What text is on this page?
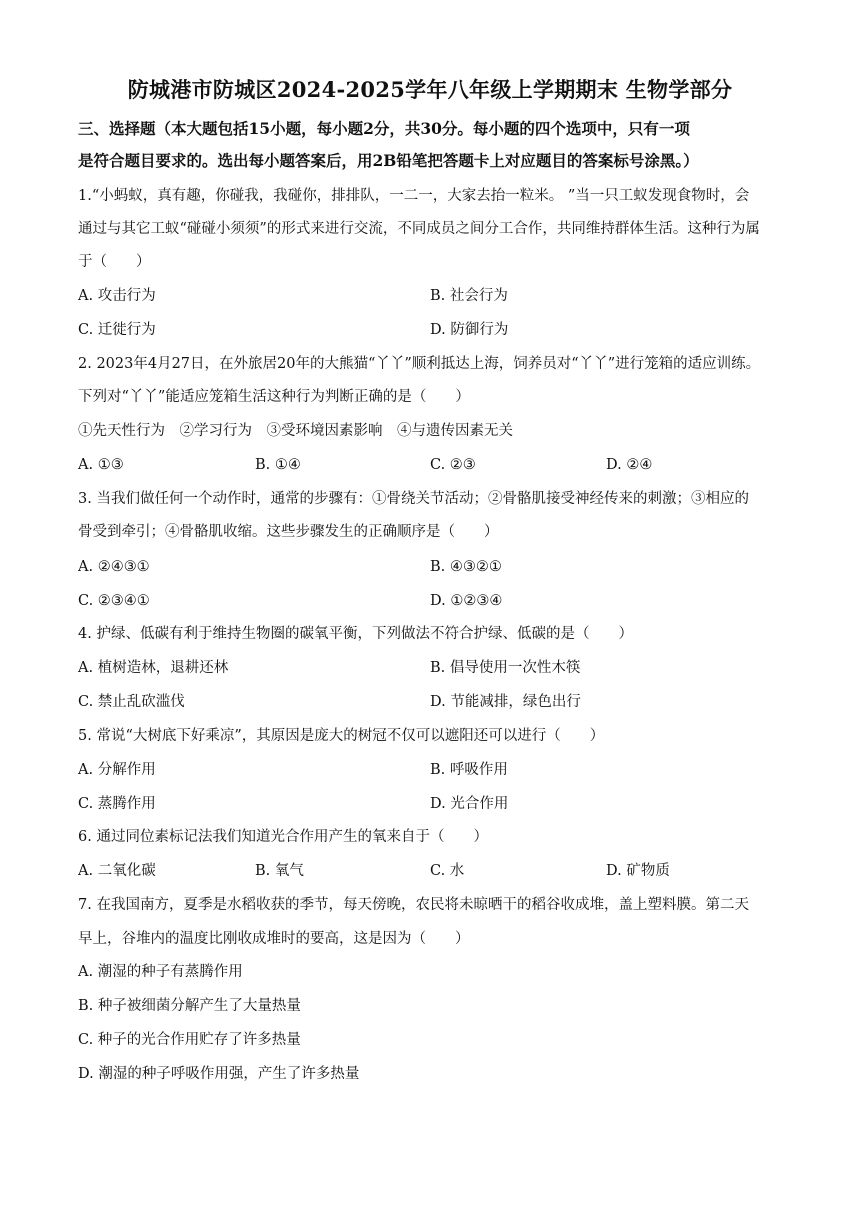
防城港市防城区2024-2025学年八年级上学期期末 生物学部分
三、选择题（本大题包括15小题，每小题2分，共30分。每小题的四个选项中，只有一项
是符合题目要求的。选出每小题答案后，用2B铅笔把答题卡上对应题目的答案标号涂黑。）
1.“小蚂蚁，真有趣，你碰我，我碰你，排排队，一二一，大家去抬一粒米。 ”当一只工蚁发现食物时，会
通过与其它工蚁“碰碰小须须”的形式来进行交流，不同成员之间分工合作，共同维持群体生活。这种行为属
于（　　）
A. 攻击行为	B. 社会行为
C. 迁徙行为	D. 防御行为
2. 2023年4月27日，在外旅居20年的大熊猫“丫丫”顺利抵达上海，饲养员对“丫丫”进行笼箱的适应训练。
下列对“丫丫”能适应笼箱生活这种行为判断正确的是（　　）
①先天性行为　②学习行为　③受环境因素影响　④与遗传因素无关
A. ①③	B. ①④	C. ②③	D. ②④
3. 当我们做任何一个动作时，通常的步骤有：①骨绕关节活动；②骨骼肌接受神经传来的刺激；③相应的
骨受到牵引；④骨骼肌收缩。这些步骤发生的正确顺序是（　　）
A. ②④③①	B. ④③②①
C. ②③④①	D. ①②③④
4. 护绿、低碳有利于维持生物圈的碳氧平衡，下列做法不符合护绿、低碳的是（　　）
A. 植树造林，退耕还林	B. 倡导使用一次性木筷
C. 禁止乱砍滥伐	D. 节能减排，绿色出行
5. 常说“大树底下好乘凉”，其原因是庞大的树冠不仅可以遮阳还可以进行（　　）
A. 分解作用	B. 呼吸作用
C. 蒸腾作用	D. 光合作用
6. 通过同位素标记法我们知道光合作用产生的氧来自于（　　）
A. 二氧化碳	B. 氧气	C. 水	D. 矿物质
7. 在我国南方，夏季是水稻收获的季节，每天傍晚，农民将未晾晒干的稻谷收成堆，盖上塑料膜。第二天
早上，谷堆内的温度比刚收成堆时的要高，这是因为（　　）
A. 潮湿的种子有蒸腾作用
B. 种子被细菌分解产生了大量热量
C. 种子的光合作用贮存了许多热量
D. 潮湿的种子呼吸作用强，产生了许多热量
